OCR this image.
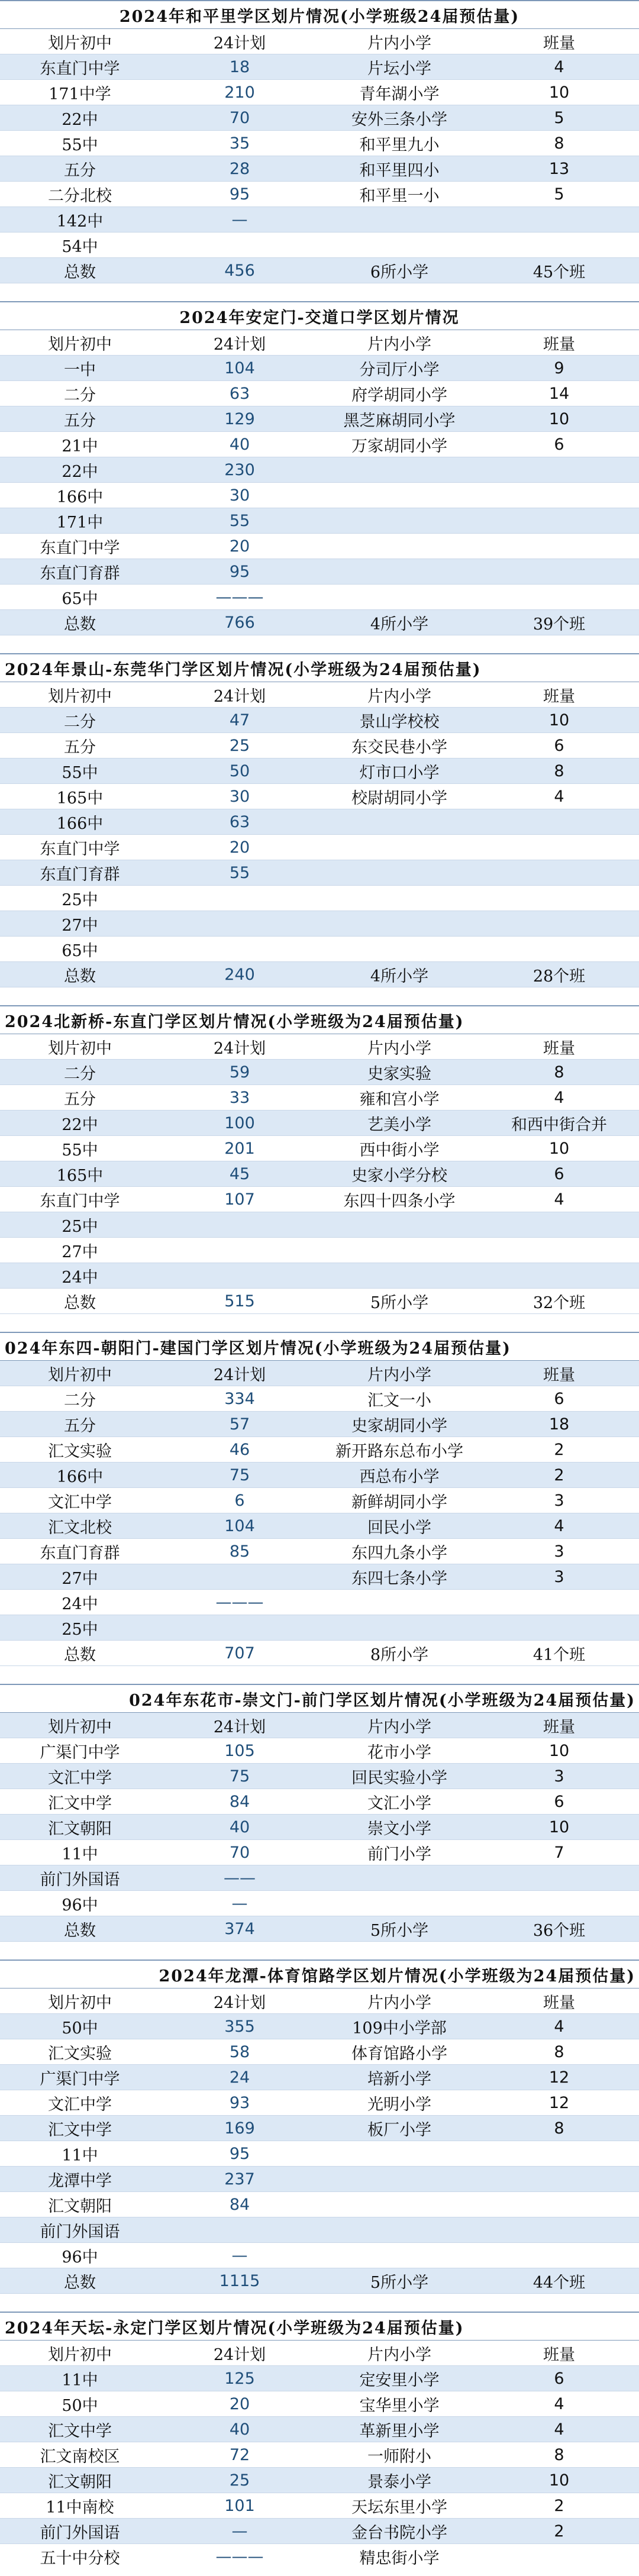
2024年和平里学区划片情况(小学班级24届预估量)			
划片初中	24计划	片内小学	班量
东直门中学	18	片坛小学	4
171中学	210	青年湖小学	10
22中	70	安外三条小学	5
55中	35	和平里九小	8
五分	28	和平里四小	13
二分北校	95	和平里一小	5
142中	—		
54中			
总数	456	6所小学	45个班

2024年安定门-交道口学区划片情况			
划片初中	24计划	片内小学	班量
一中	104	分司厅小学	9
二分	63	府学胡同小学	14
五分	129	黑芝麻胡同小学	10
21中	40	万家胡同小学	6
22中	230		
166中	30		
171中	55		
东直门中学	20		
东直门育群	95		
65中	———		
总数	766	4所小学	39个班

2024年景山-东莞华门学区划片情况(小学班级为24届预估量)			
划片初中	24计划	片内小学	班量
二分	47	景山学校校	10
五分	25	东交民巷小学	6
55中	50	灯市口小学	8
165中	30	校尉胡同小学	4
166中	63		
东直门中学	20		
东直门育群	55		
25中			
27中			
65中			
总数	240	4所小学	28个班

2024北新桥-东直门学区划片情况(小学班级为24届预估量)			
划片初中	24计划	片内小学	班量
二分	59	史家实验	8
五分	33	雍和宫小学	4
22中	100	艺美小学	和西中街合并
55中	201	西中街小学	10
165中	45	史家小学分校	6
东直门中学	107	东四十四条小学	4
25中			
27中			
24中			
总数	515	5所小学	32个班

024年东四-朝阳门-建国门学区划片情况(小学班级为24届预估量)			
划片初中	24计划	片内小学	班量
二分	334	汇文一小	6
五分	57	史家胡同小学	18
汇文实验	46	新开路东总布小学	2
166中	75	西总布小学	2
文汇中学	6	新鲜胡同小学	3
汇文北校	104	回民小学	4
东直门育群	85	东四九条小学	3
27中		东四七条小学	3
24中	———		
25中			
总数	707	8所小学	41个班

024年东花市-崇文门-前门学区划片情况(小学班级为24届预估量)			
划片初中	24计划	片内小学	班量
广渠门中学	105	花市小学	10
文汇中学	75	回民实验小学	3
汇文中学	84	文汇小学	6
汇文朝阳	40	崇文小学	10
11中	70	前门小学	7
前门外国语	——		
96中	—		
总数	374	5所小学	36个班

2024年龙潭-体育馆路学区划片情况(小学班级为24届预估量)			
划片初中	24计划	片内小学	班量
50中	355	109中小学部	4
汇文实验	58	体育馆路小学	8
广渠门中学	24	培新小学	12
文汇中学	93	光明小学	12
汇文中学	169	板厂小学	8
11中	95		
龙潭中学	237		
汇文朝阳	84		
前门外国语			
96中	—		
总数	1115	5所小学	44个班

2024年天坛-永定门学区划片情况(小学班级为24届预估量)			
划片初中	24计划	片内小学	班量
11中	125	定安里小学	6
50中	20	宝华里小学	4
汇文中学	40	革新里小学	4
汇文南校区	72	一师附小	8
汇文朝阳	25	景泰小学	10
11中南校	101	天坛东里小学	2
前门外国语	—	金台书院小学	2
五十中分校	———	精忠街小学	
